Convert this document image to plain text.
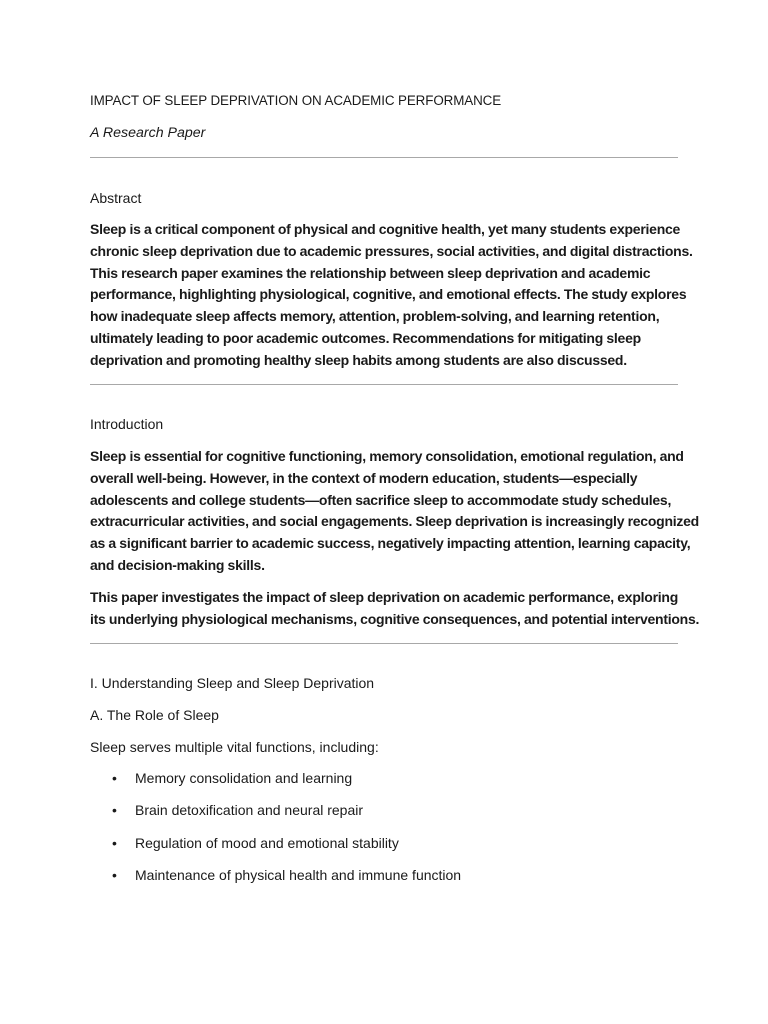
IMPACT OF SLEEP DEPRIVATION ON ACADEMIC PERFORMANCE
A Research Paper
Abstract
Sleep is a critical component of physical and cognitive health, yet many students experience
chronic sleep deprivation due to academic pressures, social activities, and digital distractions.
This research paper examines the relationship between sleep deprivation and academic
performance, highlighting physiological, cognitive, and emotional effects. The study explores
how inadequate sleep affects memory, attention, problem-solving, and learning retention,
ultimately leading to poor academic outcomes. Recommendations for mitigating sleep
deprivation and promoting healthy sleep habits among students are also discussed.
Introduction
Sleep is essential for cognitive functioning, memory consolidation, emotional regulation, and
overall well-being. However, in the context of modern education, students—especially
adolescents and college students—often sacrifice sleep to accommodate study schedules,
extracurricular activities, and social engagements. Sleep deprivation is increasingly recognized
as a significant barrier to academic success, negatively impacting attention, learning capacity,
and decision-making skills.
This paper investigates the impact of sleep deprivation on academic performance, exploring
its underlying physiological mechanisms, cognitive consequences, and potential interventions.
I. Understanding Sleep and Sleep Deprivation
A. The Role of Sleep
Sleep serves multiple vital functions, including:
• Memory consolidation and learning
• Brain detoxification and neural repair
• Regulation of mood and emotional stability
• Maintenance of physical health and immune function
